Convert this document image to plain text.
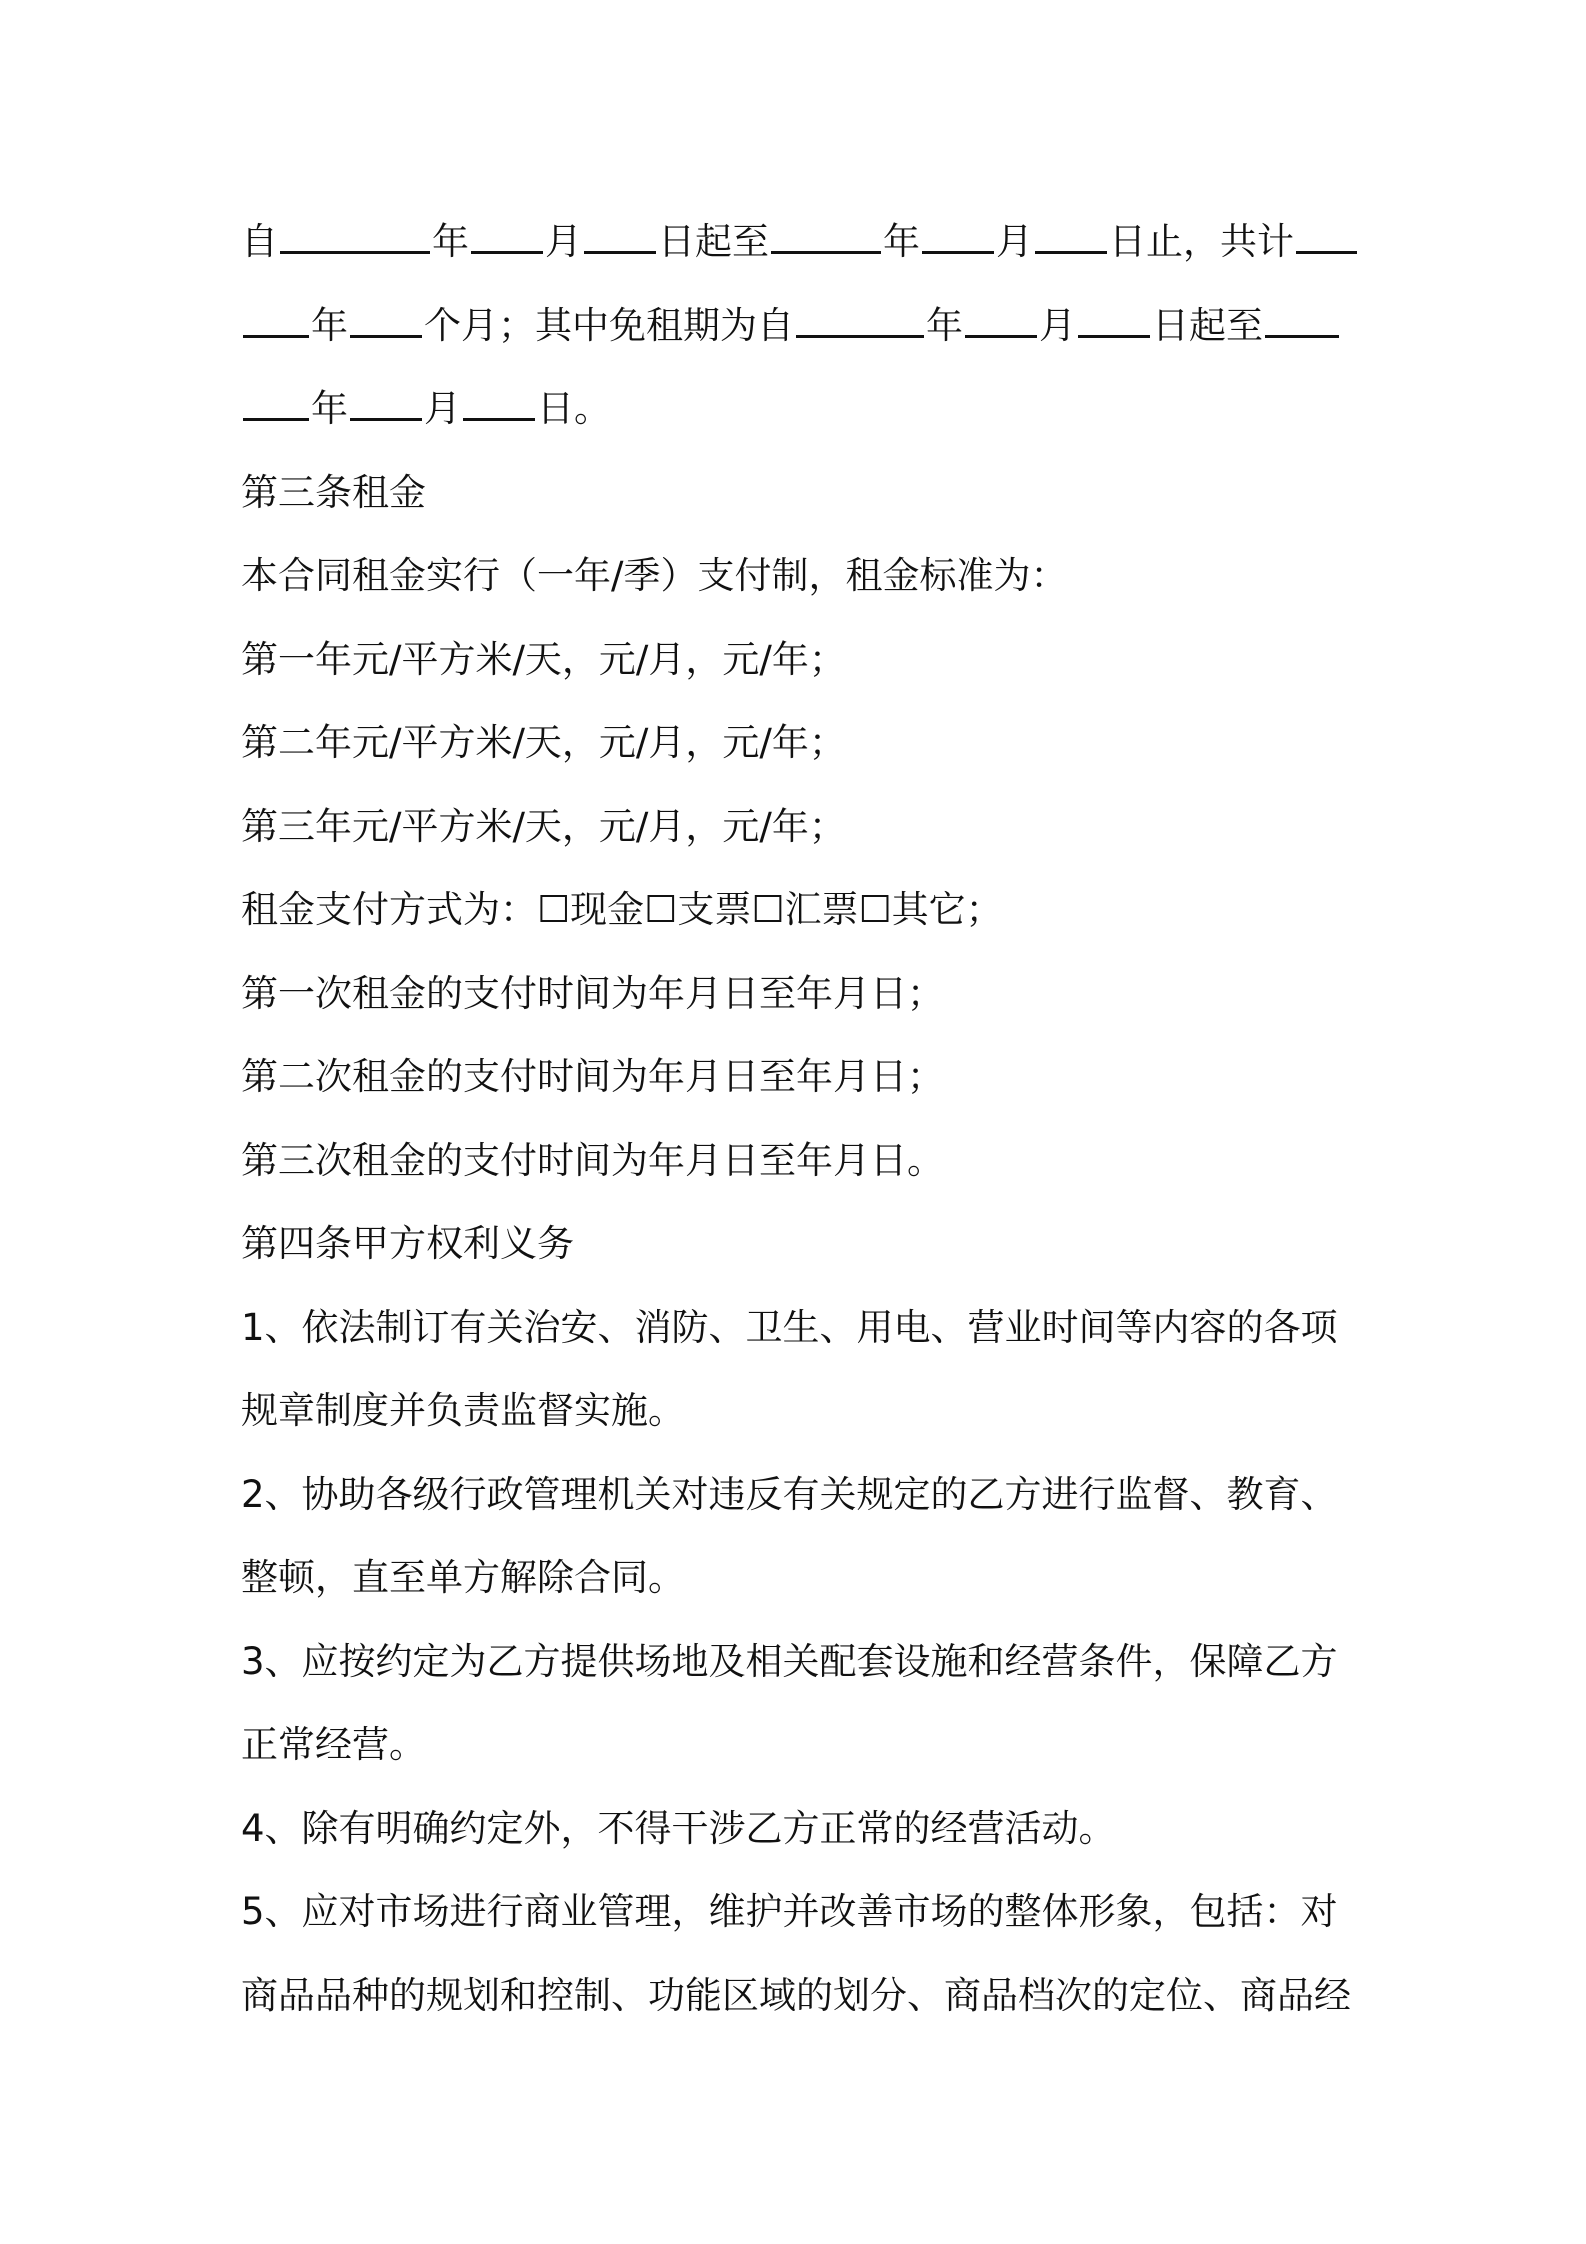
自	年 月 日起至	年 月 日止，共计
年 个月；其中免租期为自	年 月 日起至
年 月 日。
第三条租金
本合同租金实行（一年/季）支付制，租金标准为：
第一年元/平方米/天，元/月，元/年；
第二年元/平方米/天，元/月，元/年；
第三年元/平方米/天，元/月，元/年；
租金支付方式为：☐现金☐支票☐汇票☐其它；
第一次租金的支付时间为年月日至年月日；
第二次租金的支付时间为年月日至年月日；
第三次租金的支付时间为年月日至年月日。
第四条甲方权利义务
1、依法制订有关治安、消防、卫生、用电、营业时间等内容的各项
规章制度并负责监督实施。
2、协助各级行政管理机关对违反有关规定的乙方进行监督、教育、
整顿，直至单方解除合同。
3、应按约定为乙方提供场地及相关配套设施和经营条件，保障乙方
正常经营。
4、除有明确约定外，不得干涉乙方正常的经营活动。
5、应对市场进行商业管理，维护并改善市场的整体形象，包括：对
商品品种的规划和控制、功能区域的划分、商品档次的定位、商品经
